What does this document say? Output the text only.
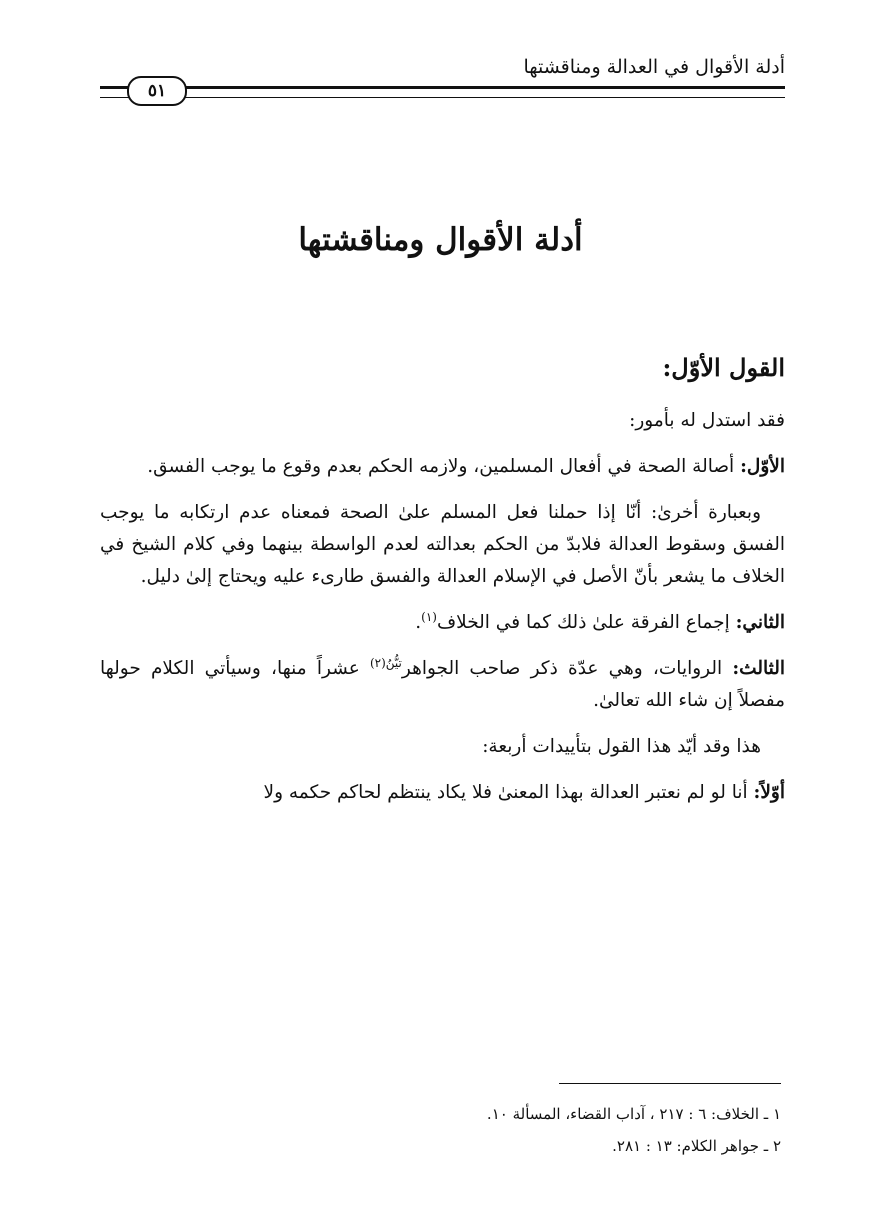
أدلة الأقوال في العدالة ومناقشتها
٥١
أدلة الأقوال ومناقشتها
القول الأوّل:

فقد استدل له بأمور:

الأوّل: أصالة الصحة في أفعال المسلمين، ولازمه الحكم بعدم وقوع ما يوجب الفسق.

وبعبارة أخرىٰ: أنّا إذا حملنا فعل المسلم علىٰ الصحة فمعناه عدم ارتكابه ما يوجب الفسق وسقوط العدالة فلابدّ من الحكم بعدالته لعدم الواسطة بينهما وفي كلام الشيخ في الخلاف ما يشعر بأنّ الأصل في الإسلام العدالة والفسق طارىء عليه ويحتاج إلىٰ دليل.

الثاني: إجماع الفرقة علىٰ ذلك كما في الخلاف$^{(١)}$.

الثالث: الروايات، وهي عدّة ذكر صاحب الجواهر$^{تيُّنُ(٢)}$ عشراً منها، وسيأتي الكلام حولها مفصلاً إن شاء الله تعالىٰ.

هذا وقد أيّد هذا القول بتأييدات أربعة:

أوّلاً: أنا لو لم نعتبر العدالة بهذا المعنىٰ فلا يكاد ينتظم لحاكم حكمه ولا

١ ـ الخلاف: ٦ : ٢١٧ ، آداب القضاء، المسألة ١٠.

٢ ـ جواهر الكلام: ١٣ : ٢٨١.
